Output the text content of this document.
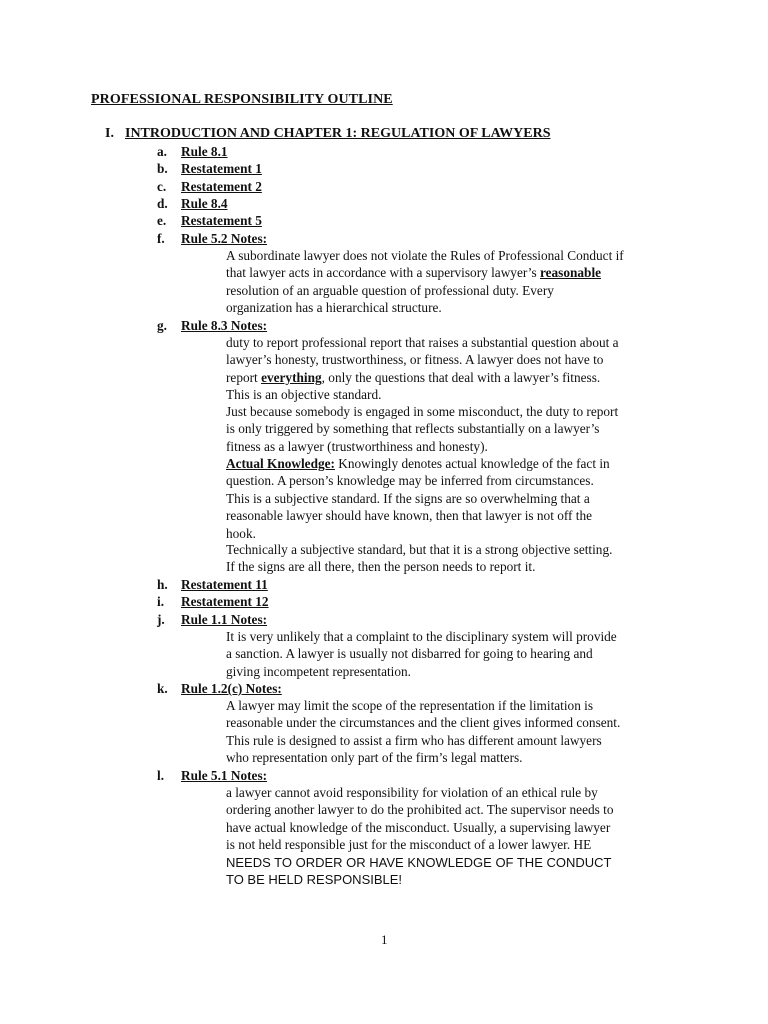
PROFESSIONAL RESPONSIBILITY OUTLINE
I. INTRODUCTION AND CHAPTER 1: REGULATION OF LAWYERS
a.	Rule 8.1
b. Restatement 1
c.	Restatement 2
d. Rule 8.4
e.	Restatement 5
f.	Rule 5.2 Notes:
A subordinate lawyer does not violate the Rules of Professional Conduct if
that lawyer acts in accordance with a supervisory lawyer’s reasonable
resolution of an arguable question of professional duty. Every
organization has a hierarchical structure.
g.	Rule 8.3 Notes:
duty to report professional report that raises a substantial question about a
lawyer’s honesty, trustworthiness, or fitness. A lawyer does not have to
report everything, only the questions that deal with a lawyer’s fitness.
This is an objective standard.
Just because somebody is engaged in some misconduct, the duty to report
is only triggered by something that reflects substantially on a lawyer’s
fitness as a lawyer (trustworthiness and honesty).
Actual Knowledge: Knowingly denotes actual knowledge of the fact in
question. A person’s knowledge may be inferred from circumstances.
This is a subjective standard. If the signs are so overwhelming that a
reasonable lawyer should have known, then that lawyer is not off the
hook.
Technically a subjective standard, but that it is a strong objective setting.
If the signs are all there, then the person needs to report it.
h. Restatement 11
i.	Restatement 12
j.	Rule 1.1 Notes:
It is very unlikely that a complaint to the disciplinary system will provide
a sanction. A lawyer is usually not disbarred for going to hearing and
giving incompetent representation.
k. Rule 1.2(c) Notes:
A lawyer may limit the scope of the representation if the limitation is
reasonable under the circumstances and the client gives informed consent.
This rule is designed to assist a firm who has different amount lawyers
who representation only part of the firm’s legal matters.
l.	Rule 5.1 Notes:
a lawyer cannot avoid responsibility for violation of an ethical rule by
ordering another lawyer to do the prohibited act. The supervisor needs to
have actual knowledge of the misconduct. Usually, a supervising lawyer
is not held responsible just for the misconduct of a lower lawyer. HE
NEEDS TO ORDER OR HAVE KNOWLEDGE OF THE CONDUCT
TO BE HELD RESPONSIBLE!
1
